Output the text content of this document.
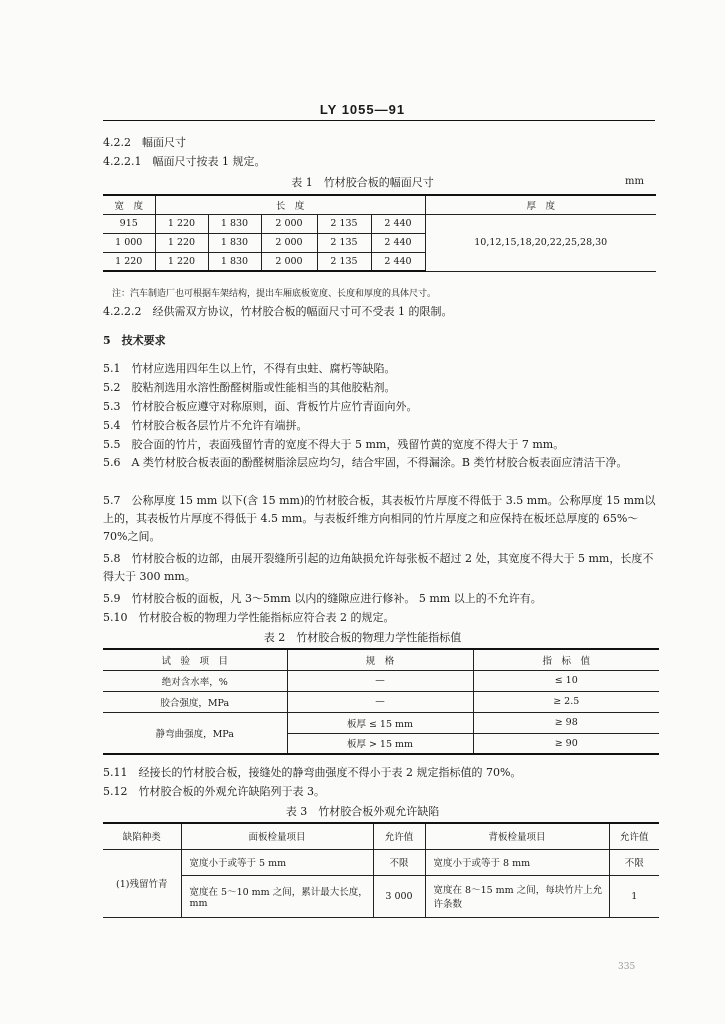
LY 1055—91
4.2.2　幅面尺寸
4.2.2.1　幅面尺寸按表 1 规定。
表 1　竹材胶合板的幅面尺寸	mm
宽　度	长　度					厚　度
915	1 220	1 830	2 000	2 135	2 440	10,12,15,18,20,22,25,28,30
1 000	1 220	1 830	2 000	2 135	2 440	
1 220	1 220	1 830	2 000	2 135	2 440	
注：汽车制造厂也可根据车架结构，提出车厢底板宽度、长度和厚度的具体尺寸。
4.2.2.2　经供需双方协议，竹材胶合板的幅面尺寸可不受表 1 的限制。
5　技术要求
5.1　竹材应选用四年生以上竹，不得有虫蛀、腐朽等缺陷。
5.2　胶粘剂选用水溶性酚醛树脂或性能相当的其他胶粘剂。
5.3　竹材胶合板应遵守对称原则，面、背板竹片应竹青面向外。
5.4　竹材胶合板各层竹片不允许有端拼。
5.5　胶合面的竹片，表面残留竹青的宽度不得大于 5 mm，残留竹黄的宽度不得大于 7 mm。
5.6　A 类竹材胶合板表面的酚醛树脂涂层应均匀，结合牢固，不得漏涂。B 类竹材胶合板表面应清洁干净。
5.7　公称厚度 15 mm 以下(含 15 mm)的竹材胶合板，其表板竹片厚度不得低于 3.5 mm。公称厚度 15 mm以上的，其表板竹片厚度不得低于 4.5 mm。与表板纤维方向相同的竹片厚度之和应保持在板坯总厚度的 65%～70%之间。
5.8　竹材胶合板的边部，由展开裂缝所引起的边角缺损允许每张板不超过 2 处，其宽度不得大于 5 mm，长度不得大于 300 mm。
5.9　竹材胶合板的面板，凡 3～5mm 以内的缝隙应进行修补。 5 mm 以上的不允许有。
5.10　竹材胶合板的物理力学性能指标应符合表 2 的规定。
表 2　竹材胶合板的物理力学性能指标值
试　验　项　目	规　格	指　标　值
绝对含水率，%	—	≤ 10
胶合强度，MPa	—	≥ 2.5
静弯曲强度，MPa	板厚 ≤ 15 mm	≥ 98
	板厚 > 15 mm	≥ 90
5.11　经接长的竹材胶合板，接缝处的静弯曲强度不得小于表 2 规定指标值的 70%。
5.12　竹材胶合板的外观允许缺陷列于表 3。
表 3　竹材胶合板外观允许缺陷
缺陷种类	面板检量项目	允许值	背板检量项目	允许值
(1)残留竹青	宽度小于或等于 5 mm	不限	宽度小于或等于 8 mm	不限
	宽度在 5～10 mm 之间，累计最大长度，mm	3 000	宽度在 8～15 mm 之间，每块竹片上允许条数	1
335
